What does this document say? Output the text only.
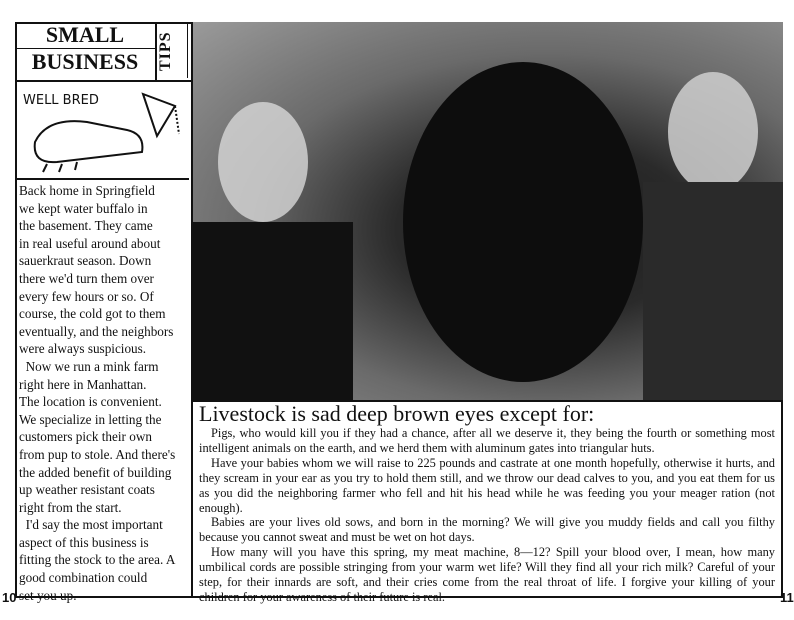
SMALL
BUSINESS	TIPS
WELL BRED
Back home in Springfield
we kept water buffalo in
the basement. They came
in real useful around about
sauerkraut season. Down
there we'd turn them over
every few hours or so. Of
course, the cold got to them
eventually, and the neighbors
were always suspicious.
Now we run a mink farm
right here in Manhattan.
The location is convenient.
We specialize in letting the
customers pick their own
from pup to stole. And there's
the added benefit of building
up weather resistant coats
right from the start.
I'd say the most important
aspect of this business is
fitting the stock to the area. A
good combination could
set you up.
Livestock is sad deep brown eyes except for:

Pigs, who would kill you if they had a chance, after all we deserve it, they being the fourth or something most intelligent animals on the earth, and we herd them with aluminum gates into triangular huts.

Have your babies whom we will raise to 225 pounds and castrate at one month hopefully, otherwise it hurts, and they scream in your ear as you try to hold them still, and we throw our dead calves to you, and you eat them for us as you did the neighboring farmer who fell and hit his head while he was feeding you your meager ration (not enough).

Babies are your lives old sows, and born in the morning? We will give you muddy fields and call you filthy because you cannot sweat and must be wet on hot days.

How many will you have this spring, my meat machine, 8—12? Spill your blood over, I mean, how many umbilical cords are possible stringing from your warm wet life? Will they find all your rich milk? Careful of your step, for their innards are soft, and their cries come from the real throat of life. I forgive your killing of your children for your awareness of their future is real.

10	11
